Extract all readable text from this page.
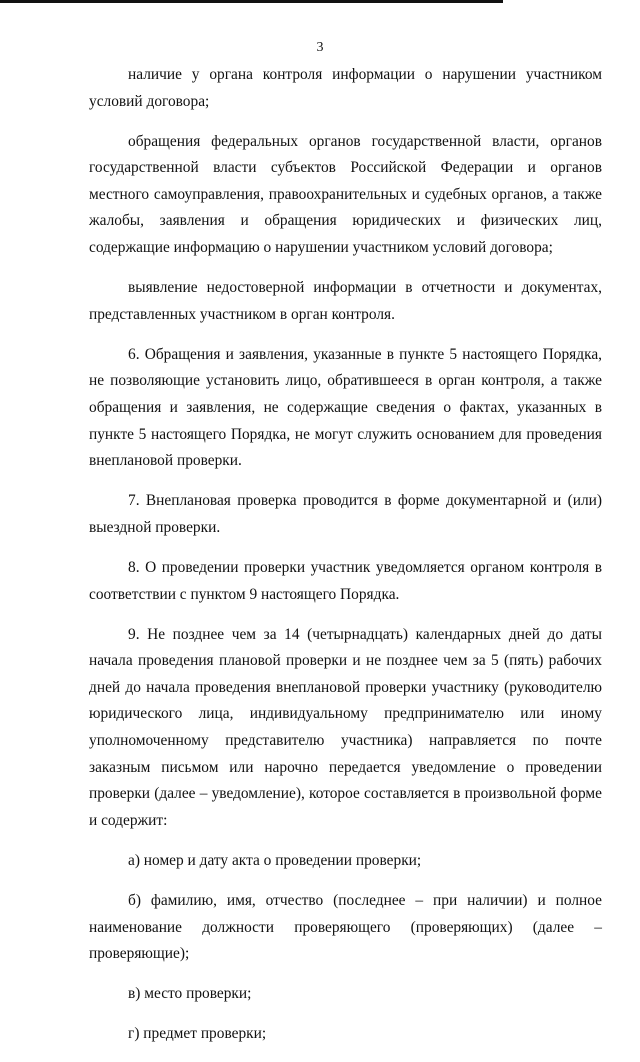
3

наличие у органа контроля информации о нарушении участником условий договора;

обращения федеральных органов государственной власти, органов государственной власти субъектов Российской Федерации и органов местного самоуправления, правоохранительных и судебных органов, а также жалобы, заявления и обращения юридических и физических лиц, содержащие информацию о нарушении участником условий договора;

выявление недостоверной информации в отчетности и документах, представленных участником в орган контроля.

6. Обращения и заявления, указанные в пункте 5 настоящего Порядка, не позволяющие установить лицо, обратившееся в орган контроля, а также обращения и заявления, не содержащие сведения о фактах, указанных в пункте 5 настоящего Порядка, не могут служить основанием для проведения внеплановой проверки.

7. Внеплановая проверка проводится в форме документарной и (или) выездной проверки.

8. О проведении проверки участник уведомляется органом контроля в соответствии с пунктом 9 настоящего Порядка.

9. Не позднее чем за 14 (четырнадцать) календарных дней до даты начала проведения плановой проверки и не позднее чем за 5 (пять) рабочих дней до начала проведения внеплановой проверки участнику (руководителю юридического лица, индивидуальному предпринимателю или иному уполномоченному представителю участника) направляется по почте заказным письмом или нарочно передается уведомление о проведении проверки (далее – уведомление), которое составляется в произвольной форме и содержит:

а) номер и дату акта о проведении проверки;

б) фамилию, имя, отчество (последнее – при наличии) и полное наименование должности проверяющего (проверяющих) (далее – проверяющие);

в) место проверки;

г) предмет проверки;
